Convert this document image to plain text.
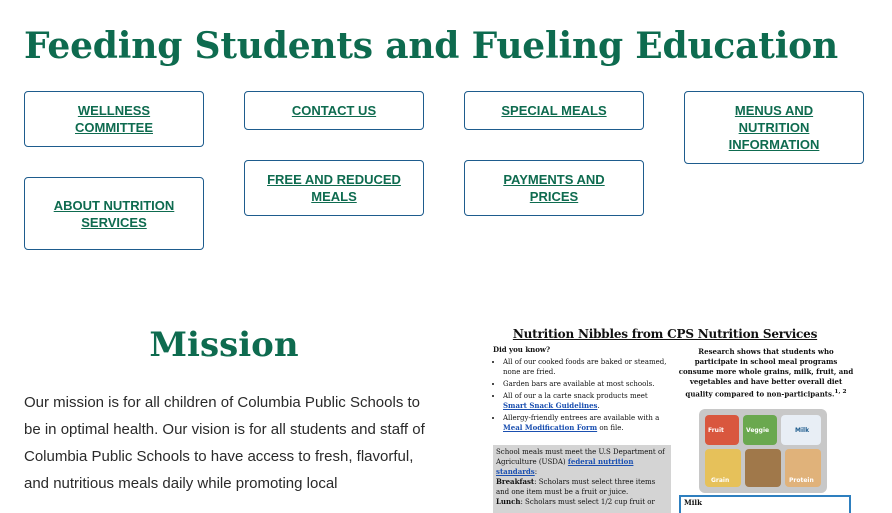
Feeding Students and Fueling Education
WELLNESS COMMITTEE
CONTACT US	SPECIAL MEALS	MENUS AND NUTRITION INFORMATION
FREE AND REDUCED MEALS
PAYMENTS AND PRICES
ABOUT NUTRITION SERVICES
Mission

Our mission is for all children of Columbia Public Schools to be in optimal health. Our vision is for all students and staff of Columbia Public Schools to have access to fresh, flavorful, and nutritious meals daily while promoting local

Nutrition Nibbles from CPS Nutrition Services
Did you know?
• All of our cooked foods are baked or steamed, none are fried.
• Garden bars are available at most schools.
• All of our a la carte snack products meet Smart Snack Guidelines.
• Allergy-friendly entrees are available with a Meal Modification Form on file.
School meals must meet the U.S Department of Agriculture (USDA) federal nutrition standards:
Breakfast: Scholars must select three items and one item must be a fruit or juice.
Lunch: Scholars must select 1/2 cup fruit or
Research shows that students who participate in school meal programs consume more whole grains, milk, fruit, and vegetables and have better overall diet quality compared to non-participants.$^{1, 2}$
Fruit	Veggie	Milk
Grain	Protein
Milk
